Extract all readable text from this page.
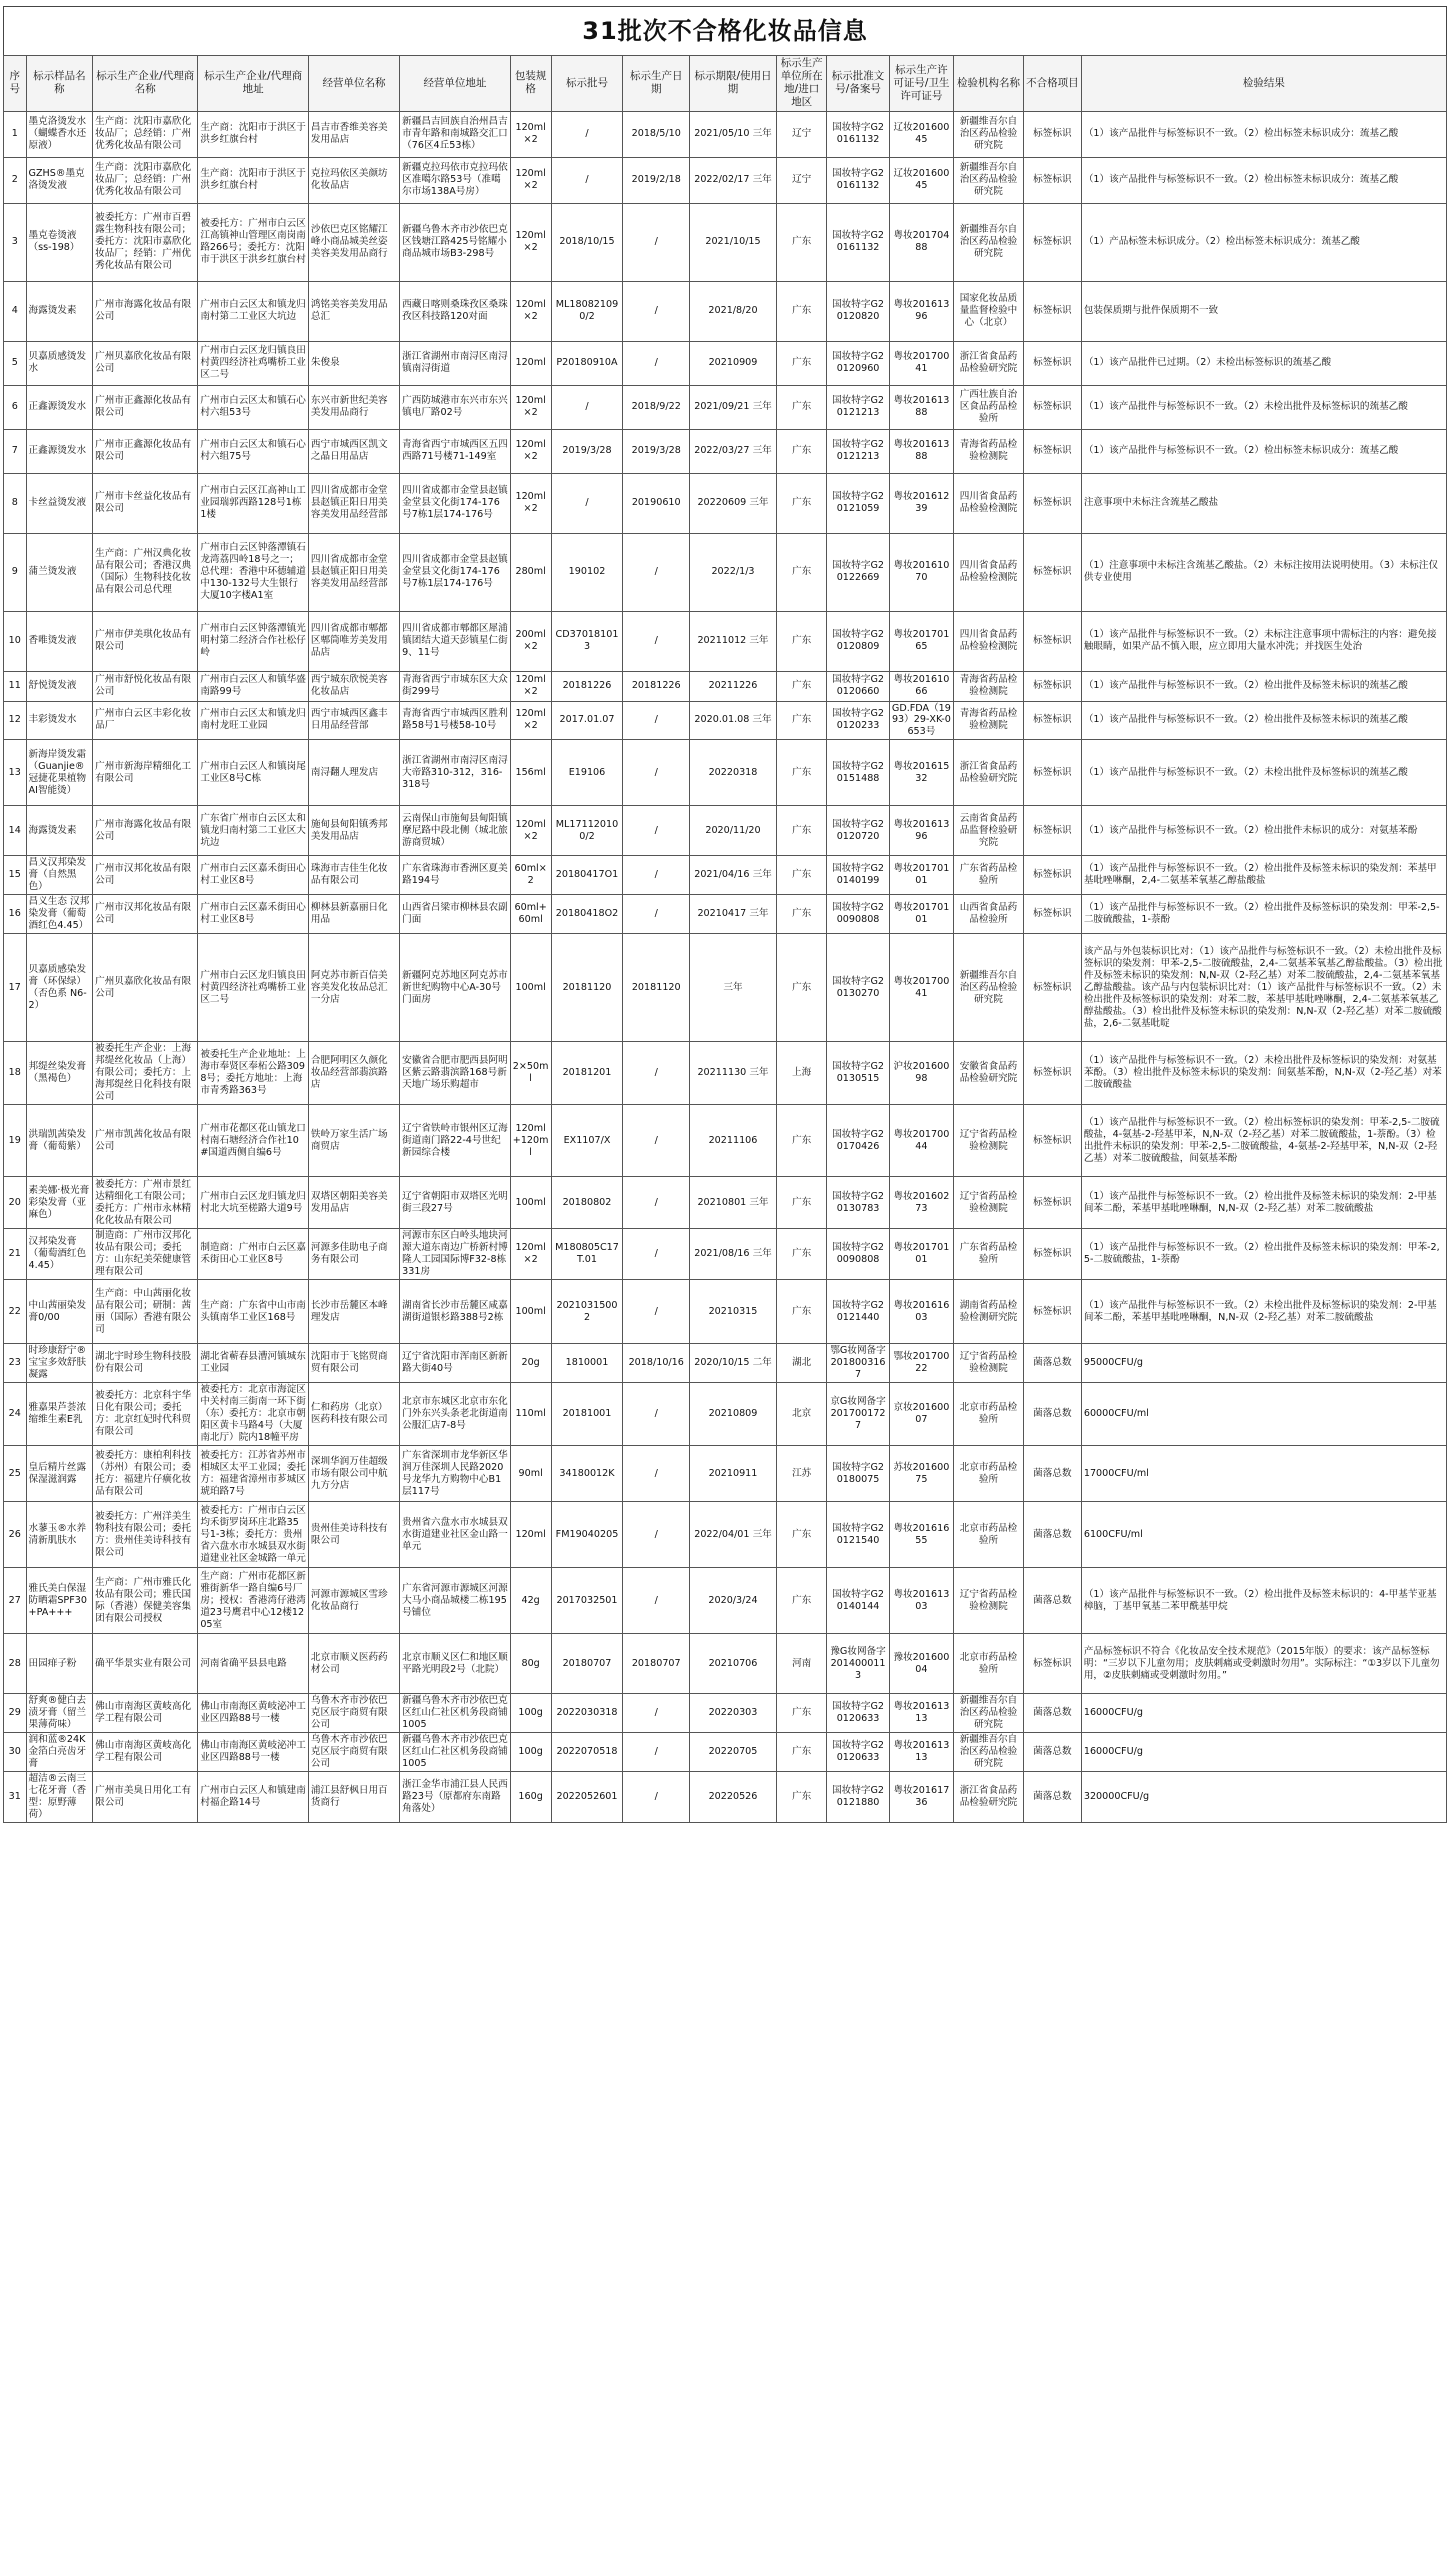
31批次不合格化妆品信息
序号	标示样品名称	标示生产企业/代理商名称	标示生产企业/代理商地址	经营单位名称	经营单位地址	包装规格	标示批号	标示生产日期	标示期限/使用日期	标示生产单位所在地/进口地区	标示批准文号/备案号	标示生产许可证号/卫生许可证号	检验机构名称	不合格项目	检验结果
1	墨克洛烫发水（蝴蝶香水还原液）	生产商：沈阳市嘉欣化妆品厂；总经销：广州优秀化妆品有限公司	生产商：沈阳市于洪区于洪乡红旗台村	昌吉市香维美容美发用品店	新疆昌吉回族自治州昌吉市青年路和南城路交汇口（76区4丘53栋）	120ml×2	/	2018/5/10	2021/05/10 三年	辽宁	国妆特字G20161132	辽妆20160045	新疆维吾尔自治区药品检验研究院	标签标识	（1）该产品批件与标签标识不一致。（2）检出标签未标识成分：巯基乙酸
2	GZHS®墨克洛烫发液	生产商：沈阳市嘉欣化妆品厂；总经销：广州优秀化妆品有限公司	生产商：沈阳市于洪区于洪乡红旗台村	克拉玛依区美颜坊化妆品店	新疆克拉玛依市克拉玛依区准噶尔路53号（准噶尔市场138A号房）	120ml×2	/	2019/2/18	2022/02/17 三年	辽宁	国妆特字G20161132	辽妆20160045	新疆维吾尔自治区药品检验研究院	标签标识	（1）该产品批件与标签标识不一致。（2）检出标签未标识成分：巯基乙酸
3	墨克卷烫液（ss-198）	被委托方：广州市百碧露生物科技有限公司；委托方：沈阳市嘉欣化妆品厂；经销：广州优秀化妆品有限公司	被委托方：广州市白云区江高镇神山管理区南岗南路266号；委托方：沈阳市于洪区于洪乡红旗台村	沙依巴克区铭耀江峰小商品城美丝姿美容美发用品商行	新疆乌鲁木齐市沙依巴克区钱塘江路425号铭耀小商品城市场B3-298号	120ml×2	2018/10/15	/	2021/10/15	广东	国妆特字G20161132	粤妆20170488	新疆维吾尔自治区药品检验研究院	标签标识	（1）产品标签未标识成分。（2）检出标签未标识成分：巯基乙酸
4	海露烫发素	广州市海露化妆品有限公司	广州市白云区太和镇龙归南村第二工业区大坑边	鸿铭美容美发用品总汇	西藏日喀则桑珠孜区桑珠孜区科技路120对面	120ml×2	ML180821090/2	/	2021/8/20	广东	国妆特字G20120820	粤妆20161396	国家化妆品质量监督检验中心（北京）	标签标识	包装保质期与批件保质期不一致
5	贝嘉质感烫发水	广州贝嘉欣化妆品有限公司	广州市白云区龙归镇良田村黄四经济社鸡嘴桥工业区二号	朱俊泉	浙江省湖州市南浔区南浔镇南浔街道	120ml	P20180910A	/	20210909	广东	国妆特字G20120960	粤妆20170041	浙江省食品药品检验研究院	标签标识	（1）该产品批件已过期。（2）未检出标签标识的巯基乙酸
6	正鑫源烫发水	广州市正鑫源化妆品有限公司	广州市白云区太和镇石心村六组53号	东兴市新世纪美容美发用品商行	广西防城港市东兴市东兴镇电厂路02号	120ml×2	/	2018/9/22	2021/09/21 三年	广东	国妆特字G20121213	粤妆20161388	广西壮族自治区食品药品检验所	标签标识	（1）该产品批件与标签标识不一致。（2）未检出批件及标签标识的巯基乙酸
7	正鑫源烫发水	广州市正鑫源化妆品有限公司	广州市白云区太和镇石心村六组75号	西宁市城西区凯文之晶日用品店	青海省西宁市城西区五四西路71号楼71-149室	120ml×2	2019/3/28	2019/3/28	2022/03/27 三年	广东	国妆特字G20121213	粤妆20161388	青海省药品检验检测院	标签标识	（1）该产品批件与标签标识不一致。（2）检出标签未标识成分：巯基乙酸
8	卡丝益烫发液	广州市卡丝益化妆品有限公司	广州市白云区江高神山工业园瑞郭西路128号1栋1楼	四川省成都市金堂县赵镇正阳日用美容美发用品经营部	四川省成都市金堂县赵镇金堂县文化街174-176号7栋1层174-176号	120ml×2	/	20190610	20220609 三年	广东	国妆特字G20121059	粤妆20161239	四川省食品药品检验检测院	标签标识	注意事项中未标注含巯基乙酸盐
9	蒲兰烫发液	生产商：广州汉典化妆品有限公司；香港汉典（国际）生物科技化妆品有限公司总代理	广州市白云区钟落潭镇石龙湾荔四岭18号之一；总代理：香港中环德辅道中130-132号大生银行大厦10字楼A1室	四川省成都市金堂县赵镇正阳日用美容美发用品经营部	四川省成都市金堂县赵镇金堂县文化街174-176号7栋1层174-176号	280ml	190102	/	2022/1/3	广东	国妆特字G20122669	粤妆20161070	四川省食品药品检验检测院	标签标识	（1）注意事项中未标注含巯基乙酸盐。（2）未标注按用法说明使用。（3）未标注仅供专业使用
10	香唯烫发液	广州市伊美琪化妆品有限公司	广州市白云区钟落潭镇光明村第二经济合作社松仔岭	四川省成都市郫都区郫筒唯芳美发用品店	四川省成都市郫都区犀浦镇团结大道天彭镇星仁街9、11号	200ml×2	CD370181013	/	20211012 三年	广东	国妆特字G20120809	粤妆20170165	四川省食品药品检验检测院	标签标识	（1）该产品批件与标签标识不一致。（2）未标注注意事项中需标注的内容：避免接触眼睛，如果产品不慎入眼，应立即用大量水冲洗；并找医生处治
11	舒悦烫发液	广州市舒悦化妆品有限公司	广州市白云区人和镇华盛南路99号	西宁城东欣悦美容化妆品店	青海省西宁市城东区大众街299号	120ml×2	20181226	20181226	20211226	广东	国妆特字G20120660	粤妆20161066	青海省药品检验检测院	标签标识	（1）该产品批件与标签标识不一致。（2）检出批件及标签未标识的巯基乙酸
12	丰彩烫发水	广州市白云区丰彩化妆品厂	广州市白云区太和镇龙归南村龙旺工业园	西宁市城西区鑫丰日用品经营部	青海省西宁市城西区胜利路58号1号楼58-10号	120ml×2	2017.01.07	/	2020.01.08 三年	广东	国妆特字G20120233	GD.FDA（1993）29-XK-0653号	青海省药品检验检测院	标签标识	（1）该产品批件与标签标识不一致。（2）检出批件及标签未标识的巯基乙酸
13	新海岸烫发霜（Guanjie®冠捷花果植物AI智能烫）	广州市新海岸精细化工有限公司	广州市白云区人和镇岗尾工业区8号C栋	南浔翻人理发店	浙江省湖州市南浔区南浔大帝路310-312，316-318号	156ml	E19106	/	20220318	广东	国妆特字G20151488	粤妆20161532	浙江省食品药品检验研究院	标签标识	（1）该产品批件与标签标识不一致。（2）未检出批件及标签标识的巯基乙酸
14	海露烫发素	广州市海露化妆品有限公司	广东省广州市白云区太和镇龙归南村第二工业区大坑边	施甸县甸阳镇秀邦美发用品店	云南保山市施甸县甸阳镇摩尼路中段北侧（城北旅游商贸城）	120ml×2	ML171120100/2	/	2020/11/20	广东	国妆特字G20120720	粤妆20161396	云南省食品药品监督检验研究院	标签标识	（1）该产品批件与标签标识不一致。（2）检出批件未标识的成分：对氨基苯酚
15	昌义汉邦染发膏（自然黑色）	广州市汉邦化妆品有限公司	广州市白云区嘉禾街田心村工业区8号	珠海市吉佳生化妆品有限公司	广东省珠海市香洲区夏美路194号	60ml×2	20180417O1	/	2021/04/16 三年	广东	国妆特字G20140199	粤妆20170101	广东省药品检验所	标签标识	（1）该产品批件与标签标识不一致。（2）检出批件及标签未标识的染发剂：苯基甲基吡唑啉酮，2,4-二氨基苯氧基乙醇盐酸盐
16	昌义生态 汉邦染发膏（葡萄酒红色4.45）	广州市汉邦化妆品有限公司	广州市白云区嘉禾街田心村工业区8号	柳林县新嘉丽日化用品	山西省吕梁市柳林县农副门面	60ml+60ml	20180418O2	/	20210417 三年	广东	国妆特字G20090808	粤妆20170101	山西省食品药品检验所	标签标识	（1）该产品批件与标签标识不一致。（2）检出批件及标签标识的染发剂：甲苯-2,5-二胺硫酸盐，1-萘酚
17	贝嘉质感染发膏（环保绿）（否色系 N6-2）	广州贝嘉欣化妆品有限公司	广州市白云区龙归镇良田村黄四经济社鸡嘴桥工业区二号	阿克苏市新百信美容美发化妆品总汇一分店	新疆阿克苏地区阿克苏市新世纪购物中心A-30号门面房	100ml	20181120	20181120	三年	广东	国妆特字G20130270	粤妆20170041	新疆维吾尔自治区药品检验研究院	标签标识	该产品与外包装标识比对：（1）该产品批件与标签标识不一致。（2）未检出批件及标签标识的染发剂：甲苯-2,5-二胺硫酸盐，2,4-二氨基苯氧基乙醇盐酸盐。（3）检出批件及标签未标识的染发剂：N,N-双（2-羟乙基）对苯二胺硫酸盐，2,4-二氨基苯氧基乙醇盐酸盐。该产品与内包装标识比对：（1）该产品批件与标签标识不一致。（2）未检出批件及标签标识的染发剂：对苯二胺，苯基甲基吡唑啉酮，2,4-二氨基苯氧基乙醇盐酸盐。（3）检出批件及标签未标识的染发剂：N,N-双（2-羟乙基）对苯二胺硫酸盐，2,6-二氨基吡啶
18	邦缇丝染发膏（黑褐色）	被委托生产企业：上海邦缇丝化妆品（上海）有限公司；委托方：上海邦缇丝日化科技有限公司	被委托生产企业地址：上海市奉贤区奉柘公路3098号；委托方地址：上海市青秀路363号	合肥阿明区久颜化妆品经营部翡滨路店	安徽省合肥市肥西县阿明区紫云路翡滨路168号新天地广场乐购超市	2×50ml	20181201	/	20211130 三年	上海	国妆特字G20130515	沪妆20160098	安徽省食品药品检验研究院	标签标识	（1）该产品批件与标签标识不一致。（2）未检出批件及标签标识的染发剂：对氨基苯酚。（3）检出批件及标签未标识的染发剂：间氨基苯酚，N,N-双（2-羟乙基）对苯二胺硫酸盐
19	洪瑞凯茜染发膏（葡萄紫）	广州市凯茜化妆品有限公司	广州市花都区花山镇龙口村南石塘经济合作社10#国道西侧自编6号	铁岭万家生活广场商贸店	辽宁省铁岭市银州区辽海街道南门路22-4号世纪新园综合楼	120ml+120ml	EX1107/X	/	20211106	广东	国妆特字G20170426	粤妆20170044	辽宁省药品检验检测院	标签标识	（1）该产品批件与标签标识不一致。（2）检出标签标识的染发剂：甲苯-2,5-二胺硫酸盐，4-氨基-2-羟基甲苯，N,N-双（2-羟乙基）对苯二胺硫酸盐，1-萘酚。（3）检出批件未标识的染发剂：甲苯-2,5-二胺硫酸盐，4-氨基-2-羟基甲苯，N,N-双（2-羟乙基）对苯二胺硫酸盐，间氨基苯酚
20	素美娜·极光膏彩染发膏（亚麻色）	被委托方：广州市景红达精细化工有限公司；委托方：广州市永林精化化妆品有限公司	广州市白云区龙归镇龙归村北大坑至槎路大道9号	双塔区朝阳美容美发用品店	辽宁省朝阳市双塔区光明街三段27号	100ml	20180802	/	20210801 三年	广东	国妆特字G20130783	粤妆20160273	辽宁省药品检验检测院	标签标识	（1）该产品批件与标签标识不一致。（2）检出批件及标签未标识的染发剂：2-甲基间苯二酚，苯基甲基吡唑啉酮，N,N-双（2-羟乙基）对苯二胺硫酸盐
21	汉邦染发膏（葡萄酒红色4.45）	制造商：广州市汉邦化妆品有限公司；委托方：山东纪美荣健康管理有限公司	制造商：广州市白云区嘉禾街田心工业区8号	河源多佳助电子商务有限公司	河源市东区白岭头地块河源大道东南边广桥新村博隆人工园国际博F32-8栋331房	120ml×2	M180805C17T.01	/	2021/08/16 三年	广东	国妆特字G20090808	粤妆20170101	广东省药品检验所	标签标识	（1）该产品批件与标签标识不一致。（2）检出批件及标签未标识的染发剂：甲苯-2,5-二胺硫酸盐，1-萘酚
22	中山茜丽染发膏0/00	生产商：中山茜丽化妆品有限公司；研制：茜丽（国际）香港有限公司	生产商：广东省中山市南头镇南华工业区168号	长沙市岳麓区本峰理发店	湖南省长沙市岳麓区咸嘉湖街道银杉路388号2栋	100ml	20210315002	/	20210315	广东	国妆特字G20121440	粤妆20161603	湖南省药品检验检测研究院	标签标识	（1）该产品批件与标签标识不一致。（2）未检出批件及标签标识的染发剂：2-甲基间苯二酚，苯基甲基吡唑啉酮，N,N-双（2-羟乙基）对苯二胺硫酸盐
23	时珍康舒宁®宝宝多效舒肤凝露	湖北宇时珍生物科技股份有限公司	湖北省蕲春县漕河镇城东工业园	沈阳市于飞铭贸商贸有限公司	辽宁省沈阳市浑南区新新路大街40号	20g	1810001	2018/10/16	2020/10/15 二年	湖北	鄂G妆网备字2018003167	鄂妆20170022	辽宁省药品检验检测院	菌落总数	95000CFU/g
24	雅嘉果芦荟浓缩维生素E乳	被委托方：北京科宇华日化有限公司；委托方：北京红妃时代科贸有限公司	被委托方：北京市海淀区中关村南三街南一环下街（东）委托方：北京市朝阳区黄卡马路4号（大厦南北厅）院内18幢平房	仁和药房（北京）医药科技有限公司	北京市东城区北京市东化门外东兴头条老北街道南公服汇店7-8号	110ml	20181001	/	20210809	北京	京G妆网备字2017001727	京妆20160007	北京市药品检验所	菌落总数	60000CFU/ml
25	皇后精片丝露保湿滋润露	被委托方：康柏利科技（苏州）有限公司；委托方：福建片仔癀化妆品有限公司	被委托方：江苏省苏州市相城区太平工业园；委托方：福建省漳州市芗城区琥珀路7号	深圳华润万佳超级市场有限公司中航九方分店	广东省深圳市龙华新区华润万佳深圳人民路2020号龙华九方购物中心B1层117号	90ml	34180012K	/	20210911	江苏	国妆特字G20180075	苏妆20160075	北京市药品检验所	菌落总数	17000CFU/ml
26	水蓼玉®水养清新肌肤水	被委托方：广州洋美生物科技有限公司；委托方：贵州佳美诗科技有限公司	被委托方：广州市白云区均禾街罗岗环庄北路35号1-3栋；委托方：贵州省六盘水市水城县双水街道建业社区金城路一单元	贵州佳美诗科技有限公司	贵州省六盘水市水城县双水街道建业社区金山路一单元	120ml	FM19040205	/	2022/04/01 三年	广东	国妆特字G20121540	粤妆20161655	北京市药品检验所	菌落总数	6100CFU/ml
27	雅氏美白保湿防晒霜SPF30+PA+++	生产商：广州市雅氏化妆品有限公司；雅氏国际（香港）保健美容集团有限公司授权	生产商：广州市花都区新雅街新华一路自编6号厂房；授权：香港湾仔港湾道23号鹰君中心12楼1205室	河源市源城区雪珍化妆品商行	广东省河源市源城区河源大马小商品城楼二栋195号铺位	42g	2017032501	/	2020/3/24	广东	国妆特字G20140144	粤妆20161303	辽宁省药品检验检测院	菌落总数	（1）该产品批件与标签标识不一致。（2）检出批件及标签未标识的：4-甲基苄亚基樟脑，丁基甲氧基二苯甲酰基甲烷
28	田园痱子粉	确平华景实业有限公司	河南省确平县县电路	北京市顺义医药药材公司	北京市顺义区仁和地区顺平路光明段2号（北院）	80g	20180707	20180707	20210706	河南	豫G妆网备字2014000113	豫妆20160004	北京市药品检验所	标签标识	产品标签标识不符合《化妆品安全技术规范》（2015年版）的要求：该产品标签标明：“三岁以下儿童勿用；皮肤刺痛或受刺激时勿用”。实际标注：“①3岁以下儿童勿用，②皮肤刺痛或受刺激时勿用。”
29	舒爽®健白去渍牙膏（留兰果薄荷味）	佛山市南海区黄岐高化学工程有限公司	佛山市南海区黄岐泌冲工业区四路88号一楼	乌鲁木齐市沙依巴克区辰宇商贸有限公司	新疆乌鲁木齐市沙依巴克区红山仁社区机务段商铺1005	100g	2022030318	/	20220303	广东	国妆特字G20120633	粤妆20161313	新疆维吾尔自治区药品检验研究院	菌落总数	16000CFU/g
30	润和蓝®24K金箔白亮齿牙膏	佛山市南海区黄岐高化学工程有限公司	佛山市南海区黄岐泌冲工业区四路88号一楼	乌鲁木齐市沙依巴克区辰宇商贸有限公司	新疆乌鲁木齐市沙依巴克区红山仁社区机务段商铺1005	100g	2022070518	/	20220705	广东	国妆特字G20120633	粤妆20161313	新疆维吾尔自治区药品检验研究院	菌落总数	16000CFU/g
31	超洁®云南三七花牙膏（香型：原野薄荷）	广州市美臭日用化工有限公司	广州市白云区人和镇建南村福企路14号	浦江县舒枫日用百货商行	浙江金华市浦江县人民西路23号（原都府东南路角落处）	160g	2022052601	/	20220526	广东	国妆特字G20121880	粤妆20161736	浙江省食品药品检验研究院	菌落总数	320000CFU/g
